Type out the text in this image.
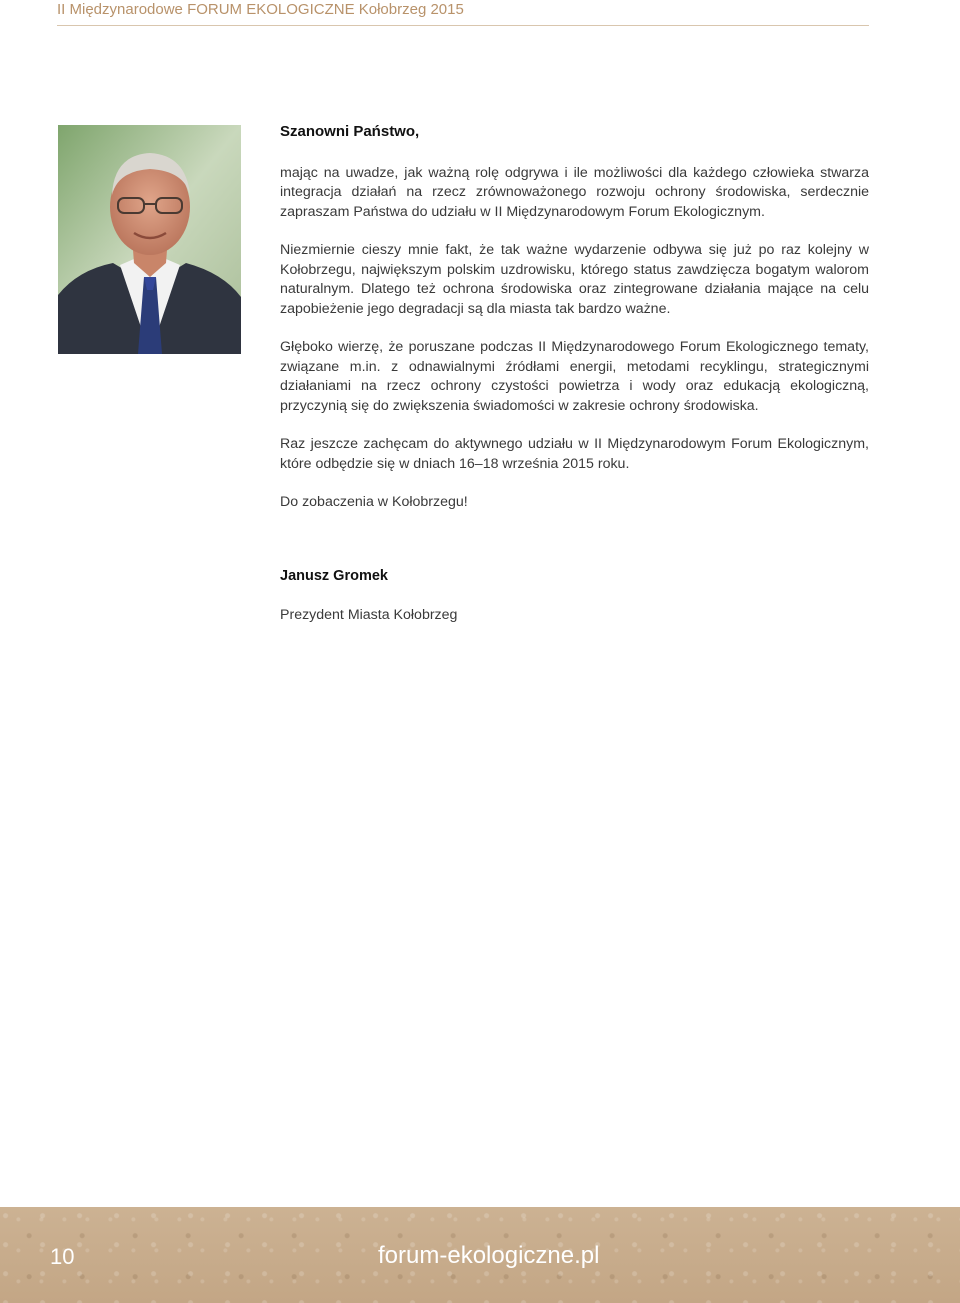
II Międzynarodowe FORUM EKOLOGICZNE Kołobrzeg 2015

Szanowni Państwo,

mając na uwadze, jak ważną rolę odgrywa i ile możliwości dla każdego człowieka stwarza integracja działań na rzecz zrównoważonego rozwoju ochrony środowiska, serdecznie zapraszam Państwa do udziału w II Międzynarodowym Forum Ekologicznym.

Niezmiernie cieszy mnie fakt, że tak ważne wydarzenie odbywa się już po raz kolejny w Kołobrzegu, największym polskim uzdrowisku, którego status zawdzięcza bogatym walorom naturalnym. Dlatego też ochrona środowiska oraz zintegrowane działania mające na celu zapobieżenie jego degradacji są dla miasta tak bardzo ważne.

Głęboko wierzę, że poruszane podczas II Międzynarodowego Forum Ekologicznego tematy, związane m.in. z odnawialnymi źródłami energii, metodami recyklingu, strategicznymi działaniami na rzecz ochrony czystości powietrza i wody oraz edukacją ekologiczną, przyczynią się do zwiększenia świadomości w zakresie ochrony środowiska.

Raz jeszcze zachęcam do aktywnego udziału w II Międzynarodowym Forum Ekologicznym, które odbędzie się w dniach 16–18 września 2015 roku.

Do zobaczenia w Kołobrzegu!

Janusz Gromek
Prezydent Miasta Kołobrzeg
10	forum-ekologiczne.pl
